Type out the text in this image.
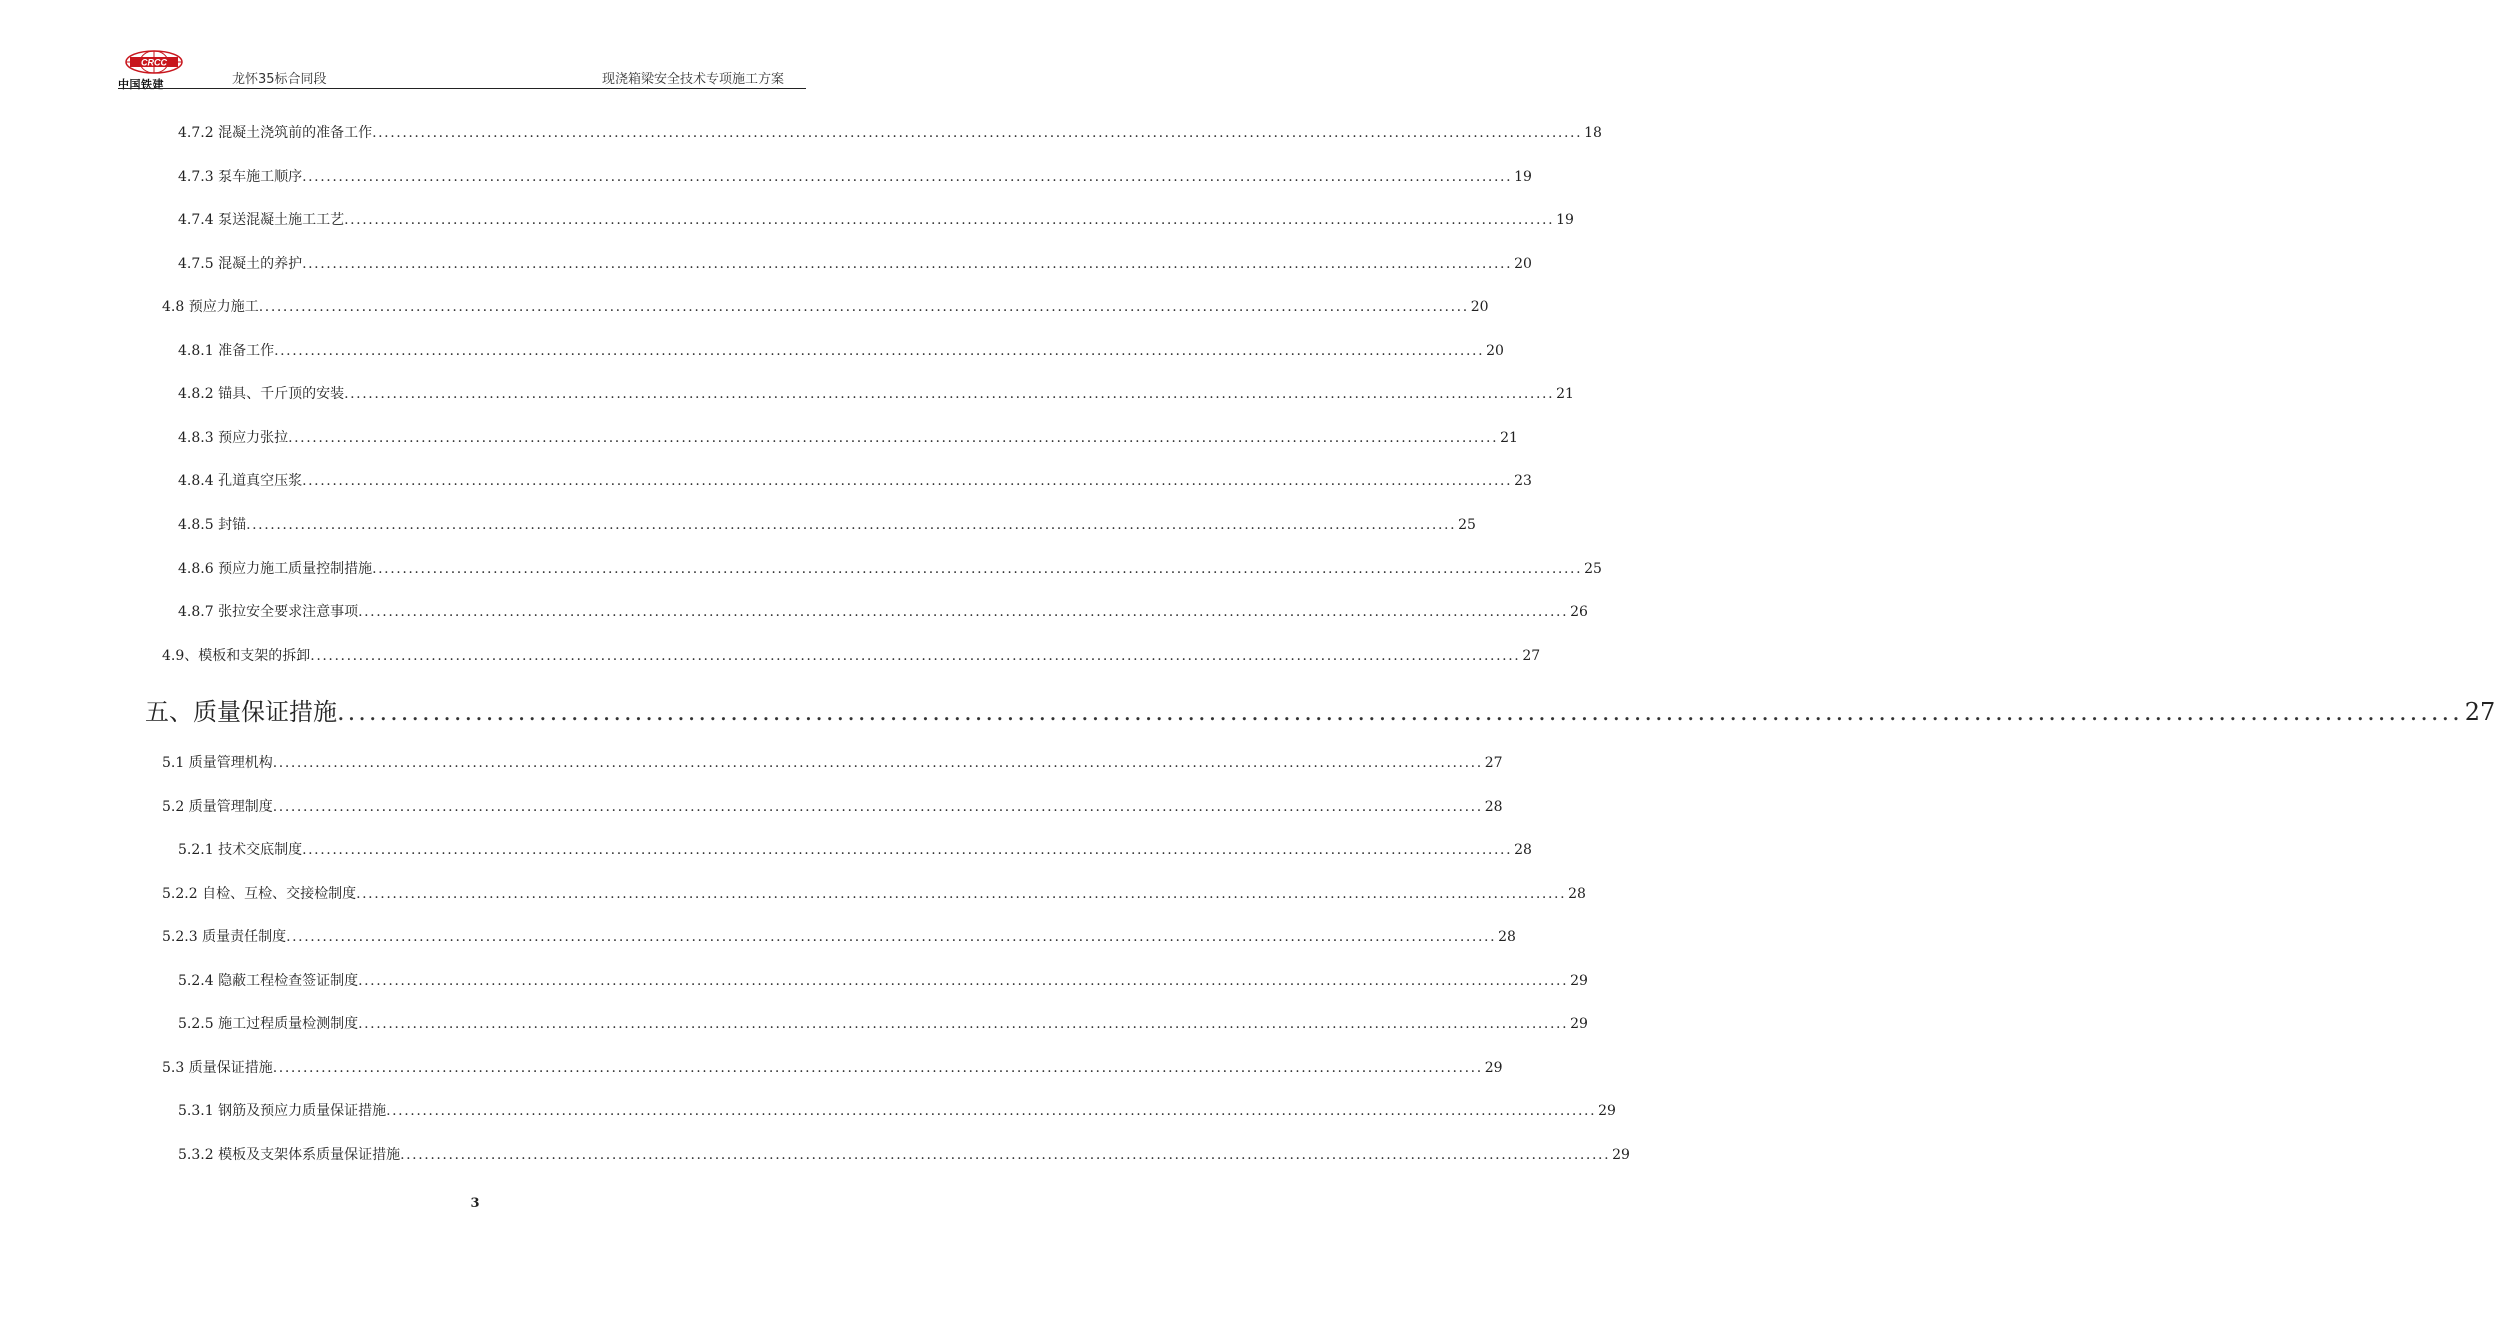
CRCC
中国铁建	龙怀35标合同段	现浇箱梁安全技术专项施工方案
4.7.2 混凝土浇筑前的准备工作 ........................................................................................................................................................................................................ 18
4.7.3 泵车施工顺序 ........................................................................................................................................................................................................ 19
4.7.4 泵送混凝土施工工艺 ........................................................................................................................................................................................................ 19
4.7.5 混凝土的养护 ........................................................................................................................................................................................................ 20
4.8 预应力施工 ........................................................................................................................................................................................................ 20
4.8.1 准备工作 ........................................................................................................................................................................................................ 20
4.8.2 锚具、千斤顶的安装 ........................................................................................................................................................................................................ 21
4.8.3 预应力张拉 ........................................................................................................................................................................................................ 21
4.8.4 孔道真空压浆 ........................................................................................................................................................................................................ 23
4.8.5 封锚 ........................................................................................................................................................................................................ 25
4.8.6 预应力施工质量控制措施 ........................................................................................................................................................................................................ 25
4.8.7 张拉安全要求注意事项 ........................................................................................................................................................................................................ 26
4.9、模板和支架的拆卸 ........................................................................................................................................................................................................ 27
五、质量保证措施 ........................................................................................................................................................................................................ 27
5.1 质量管理机构 ........................................................................................................................................................................................................ 27
5.2 质量管理制度 ........................................................................................................................................................................................................ 28
5.2.1 技术交底制度 ........................................................................................................................................................................................................ 28
5.2.2 自检、互检、交接检制度 ........................................................................................................................................................................................................ 28
5.2.3 质量责任制度 ........................................................................................................................................................................................................ 28
5.2.4 隐蔽工程检查签证制度 ........................................................................................................................................................................................................ 29
5.2.5 施工过程质量检测制度 ........................................................................................................................................................................................................ 29
5.3 质量保证措施 ........................................................................................................................................................................................................ 29
5.3.1 钢筋及预应力质量保证措施 ........................................................................................................................................................................................................ 29
5.3.2 模板及支架体系质量保证措施 ........................................................................................................................................................................................................ 29
3
